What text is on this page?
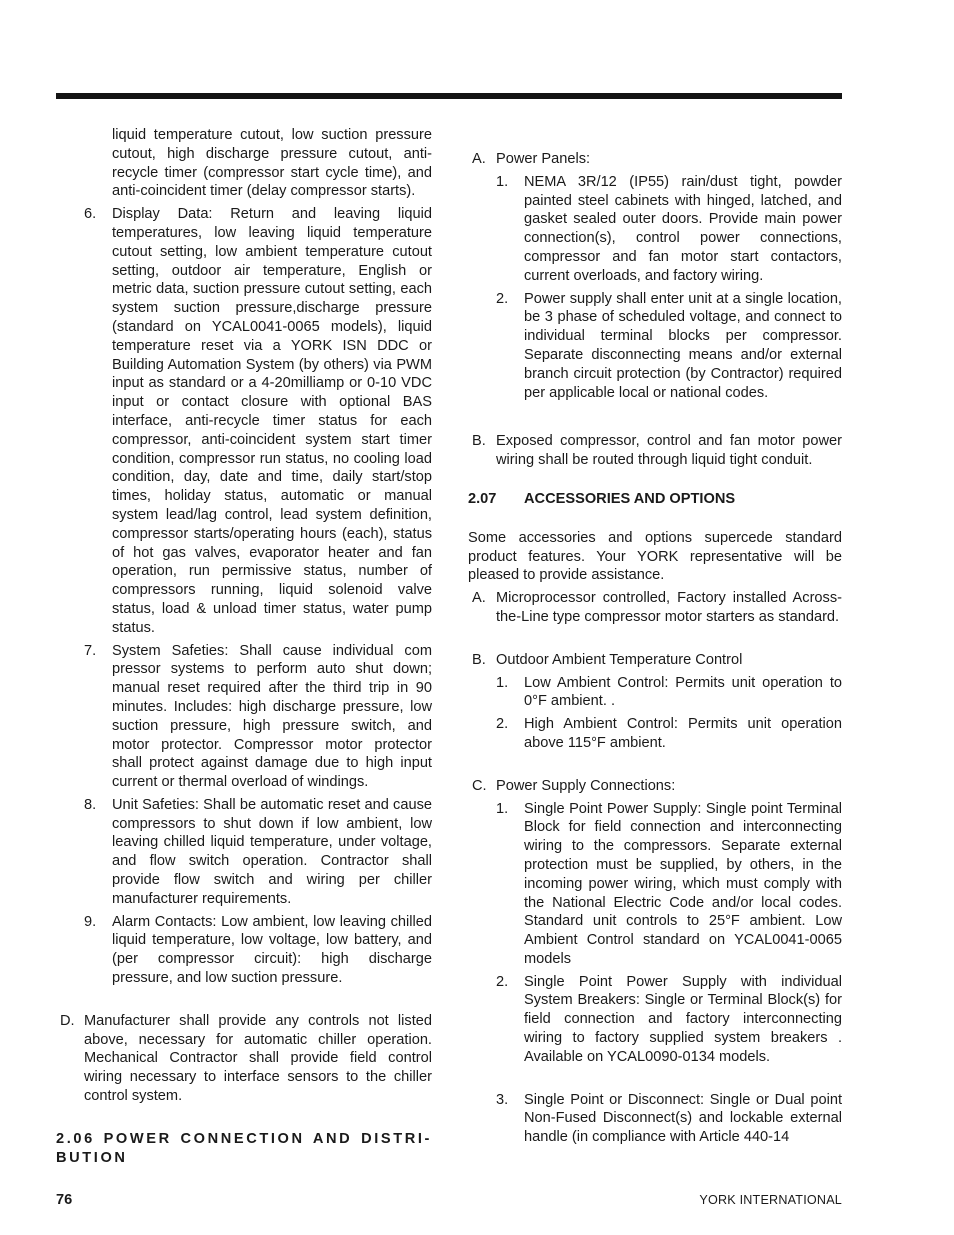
liquid temperature cutout, low suction pressure cutout, high discharge pressure cutout, anti-recycle timer (compressor start cycle time), and anti-coincident timer (delay compressor starts).

6. Display Data: Return and leaving liquid temperatures, low leaving liquid temperature cutout setting, low ambient temperature cutout setting, outdoor air temperature, English or metric data, suction pressure cutout setting, each system suction pressure,discharge pressure (standard on YCAL0041-0065 models), liquid temperature reset via a YORK ISN DDC or Building Automation System (by others) via PWM input as standard or a 4-20milliamp or 0-10 VDC input or contact closure with optional BAS interface, anti-recycle timer status for each compressor, anti-coincident system start timer condition, compressor run status, no cooling load condition, day, date and time, daily start/stop times, holiday status, automatic or manual system lead/lag control, lead system definition, compressor starts/operating hours (each), status of hot gas valves, evaporator heater and fan operation, run permissive status, number of compressors running, liquid solenoid valve status, load & unload timer status, water pump status.

7. System Safeties: Shall cause individual com pressor systems to perform auto shut down; manual reset required after the third trip in 90 minutes. Includes: high discharge pressure, low suction pressure, high pressure switch, and motor protector. Compressor motor protector shall protect against damage due to high input current or thermal overload of windings.

8. Unit Safeties: Shall be automatic reset and cause compressors to shut down if low ambient, low leaving chilled liquid temperature, under voltage, and flow switch operation. Contractor shall provide flow switch and wiring per chiller manufacturer requirements.

9. Alarm Contacts: Low ambient, low leaving chilled liquid temperature, low voltage, low battery, and (per compressor circuit): high discharge pressure, and low suction pressure.

D. Manufacturer shall provide any controls not listed above, necessary for automatic chiller operation. Mechanical Contractor shall provide field control wiring necessary to interface sensors to the chiller control system.

2.06 POWER CONNECTION AND DISTRI- BUTION

A. Power Panels:

1. NEMA 3R/12 (IP55) rain/dust tight, powder painted steel cabinets with hinged, latched, and gasket sealed outer doors. Provide main power connection(s), control power connections, compressor and fan motor start contactors, current overloads, and factory wiring.

2. Power supply shall enter unit at a single location, be 3 phase of scheduled voltage, and connect to individual terminal blocks per compressor. Separate disconnecting means and/or external branch circuit protection (by Contractor) required per applicable local or national codes.

B. Exposed compressor, control and fan motor power wiring shall be routed through liquid tight conduit.

2.07 ACCESSORIES AND OPTIONS

Some accessories and options supercede standard product features. Your YORK representative will be pleased to provide assistance.

A. Microprocessor controlled, Factory installed Across-the-Line type compressor motor starters as standard.

B. Outdoor Ambient Temperature Control

1. Low Ambient Control: Permits unit operation to 0°F ambient. .

2. High Ambient Control: Permits unit operation above 115°F ambient.

C. Power Supply Connections:

1. Single Point Power Supply: Single point Terminal Block for field connection and interconnecting wiring to the compressors. Separate external protection must be supplied, by others, in the incoming power wiring, which must comply with the National Electric Code and/or local codes. Standard unit controls to 25°F ambient. Low Ambient Control standard on YCAL0041-0065 models

2. Single Point Power Supply with individual System Breakers: Single or Terminal Block(s) for field connection and factory interconnecting wiring to factory supplied system breakers . Available on YCAL0090-0134 models.

3. Single Point or Disconnect: Single or Dual point Non-Fused Disconnect(s) and lockable external handle (in compliance with Article 440-14

76	YORK INTERNATIONAL
